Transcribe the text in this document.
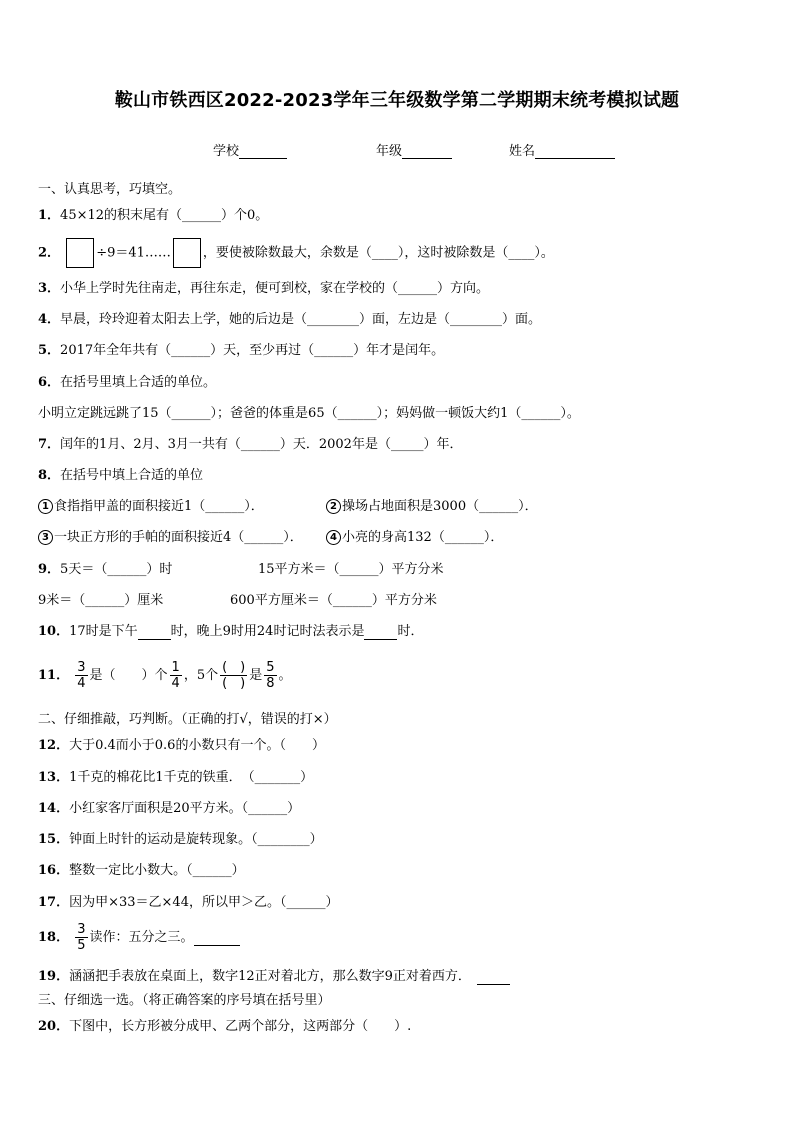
鞍山市铁西区2022-2023学年三年级数学第二学期期末统考模拟试题
学校	年级	姓名
一、认真思考，巧填空。
1．45×12的积末尾有（______）个0。
2．	÷9＝41…… ，要使被除数最大，余数是（____），这时被除数是（____）。
3．小华上学时先往南走，再往东走，便可到校，家在学校的（______）方向。
4．早晨，玲玲迎着太阳去上学，她的后边是（________）面，左边是（________）面。
5．2017年全年共有（______）天，至少再过（______）年才是闰年。
6．在括号里填上合适的单位。
小明立定跳远跳了15（______）；爸爸的体重是65（______）；妈妈做一顿饭大约1（______）。
7．闰年的1月、2月、3月一共有（______）天．2002年是（_____）年．
8．在括号中填上合适的单位
1 食指指甲盖的面积接近1（______）．	2 操场占地面积是3000（______）．
3 一块正方形的手帕的面积接近4（______）．	4 小亮的身高132（______）．
9．5天＝（______）时	15平方米＝（______）平方分米
9米＝（______）厘米	600平方厘米＝（______）平方分米
10．17时是下午	时，晚上9时用24时记时法表示是	时．
11． $\frac{3}{4}$ 是（　　）个 $\frac{1}{4}$ ，5个 $\frac{( )}{( )}$ 是 $\frac{5}{8}$ 。
二、仔细推敲，巧判断。（正确的打√，错误的打×）
12．大于0.4而小于0.6的小数只有一个。（　　）
13．1千克的棉花比1千克的铁重．　（_______）
14．小红家客厅面积是20平方米。（______）
15．钟面上时针的运动是旋转现象。（________）
16．整数一定比小数大。（______）
17．因为甲×33＝乙×44，所以甲＞乙。（______）
18． $\frac{3}{5}$ 读作：五分之三。
19．涵涵把手表放在桌面上，数字12正对着北方，那么数字9正对着西方．
三、仔细选一选。（将正确答案的序号填在括号里）
20．下图中，长方形被分成甲、乙两个部分，这两部分（　　）.
